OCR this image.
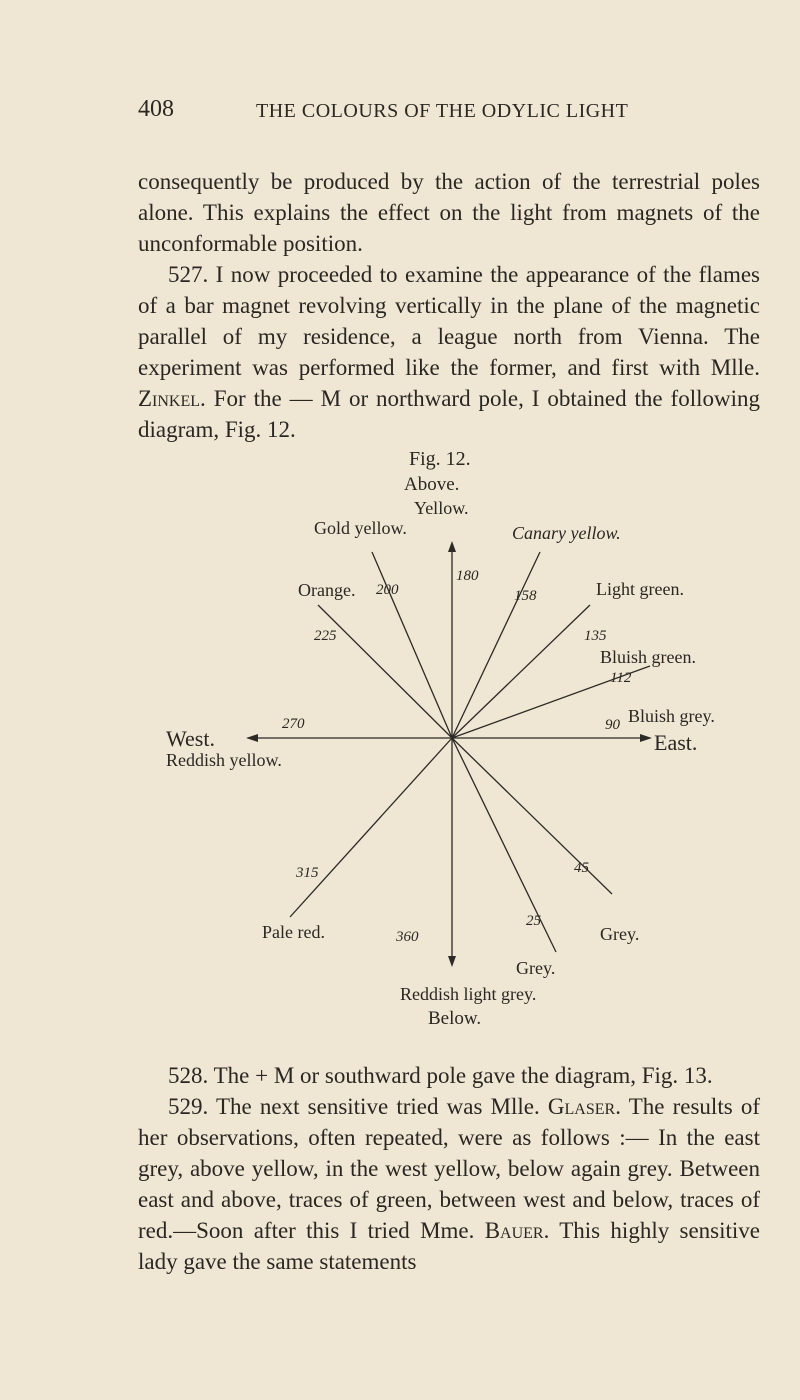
408	THE COLOURS OF THE ODYLIC LIGHT

consequently be produced by the action of the terrestrial poles alone. This explains the effect on the light from magnets of the unconformable position.

527. I now proceeded to examine the appearance of the flames of a bar magnet revolving vertically in the plane of the magnetic parallel of my residence, a league north from Vienna. The experiment was performed like the former, and first with Mlle. Zinkel. For the — M or northward pole, I obtained the following diagram, Fig. 12.

Fig. 12.
Above.
Yellow.
Gold yellow.	Canary yellow.
Orange. 200
180
158	Light green.
225	135
Bluish green.
112
270	90 Bluish grey.
West.	East.
Reddish yellow.
315	45
Pale red.
25
360	Grey.
Grey.
Reddish light grey.
Below.

528. The + M or southward pole gave the diagram, Fig. 13.

529. The next sensitive tried was Mlle. Glaser. The results of her observations, often repeated, were as follows :— In the east grey, above yellow, in the west yellow, below again grey. Between east and above, traces of green, between west and below, traces of red.—Soon after this I tried Mme. Bauer. This highly sensitive lady gave the same statements
